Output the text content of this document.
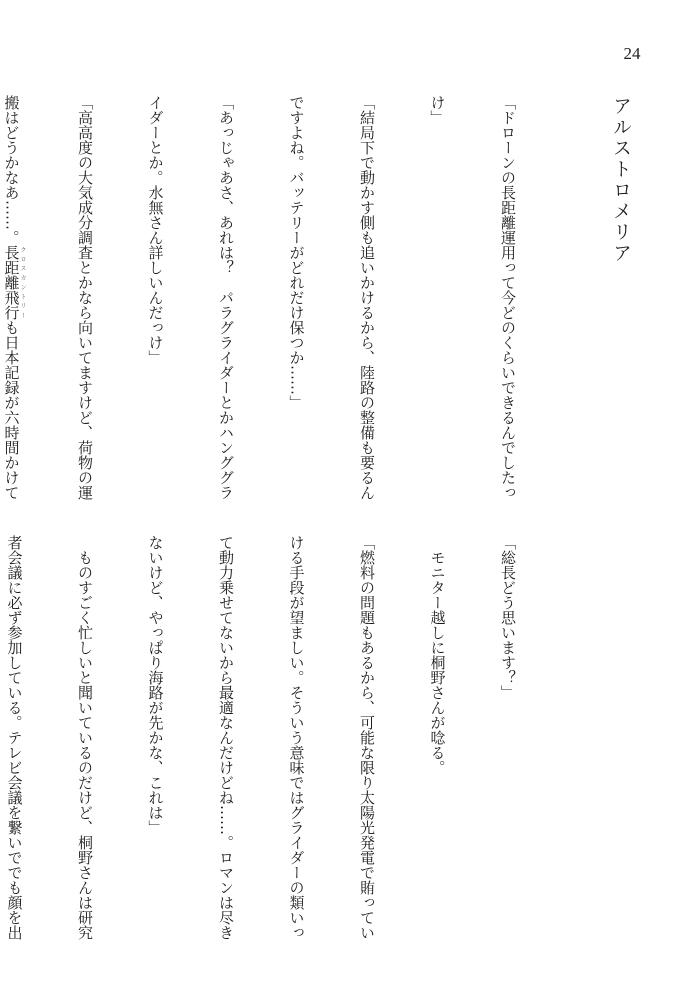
24
アルストロメリア

「ドローンの長距離運用って今どのくらいできるんでしたっ

け」

「結局下で動かす側も追いかけるから、陸路の整備も要るん

ですよね。バッテリーがどれだけ保つか……」

「あっじゃあさ、あれは？　パラグライダーとかハンググラ

イダーとか。水無さん詳しいんだっけ」

「高高度の大気成分調査とかなら向いてますけど、荷物の運

搬はどうかなあ……。長距離飛行クロスカントリーも日本記録が六時間かけて

「総長どう思います？」

　モニター越しに桐野さんが唸る。

「燃料の問題もあるから、可能な限り太陽光発電で賄ってい

ける手段が望ましい。そういう意味ではグライダーの類いっ

て動力乗せてないから最適なんだけどね……。ロマンは尽き

ないけど、やっぱり海路が先かな、これは」

　ものすごく忙しいと聞いているのだけど、桐野さんは研究

者会議に必ず参加している。テレビ会議を繋いででも顔を出
